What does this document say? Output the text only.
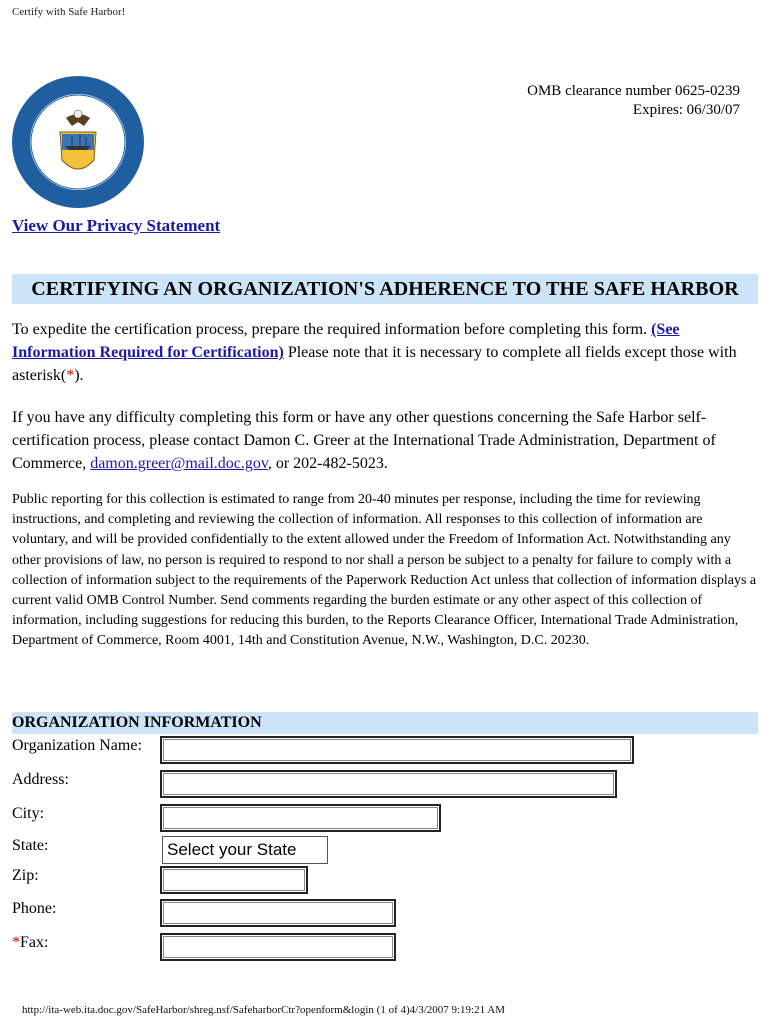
Certify with Safe Harbor!
OMB clearance number 0625-0239
Expires: 06/30/07
View Our Privacy Statement
CERTIFYING AN ORGANIZATION'S ADHERENCE TO THE SAFE HARBOR
To expedite the certification process, prepare the required information before completing this form. (See Information Required for Certification) Please note that it is necessary to complete all fields except those with asterisk(*).
If you have any difficulty completing this form or have any other questions concerning the Safe Harbor self-certification process, please contact Damon C. Greer at the International Trade Administration, Department of Commerce, damon.greer@mail.doc.gov, or 202-482-5023.
Public reporting for this collection is estimated to range from 20-40 minutes per response, including the time for reviewing instructions, and completing and reviewing the collection of information. All responses to this collection of information are voluntary, and will be provided confidentially to the extent allowed under the Freedom of Information Act. Notwithstanding any other provisions of law, no person is required to respond to nor shall a person be subject to a penalty for failure to comply with a collection of information subject to the requirements of the Paperwork Reduction Act unless that collection of information displays a current valid OMB Control Number. Send comments regarding the burden estimate or any other aspect of this collection of information, including suggestions for reducing this burden, to the Reports Clearance Officer, International Trade Administration, Department of Commerce, Room 4001, 14th and Constitution Avenue, N.W., Washington, D.C. 20230.
ORGANIZATION INFORMATION
Organization Name:
Address:
City:
State:	Select your State
Zip:
Phone:
*Fax:
http://ita-web.ita.doc.gov/SafeHarbor/shreg.nsf/SafeharborCtr?openform&login (1 of 4)4/3/2007 9:19:21 AM
